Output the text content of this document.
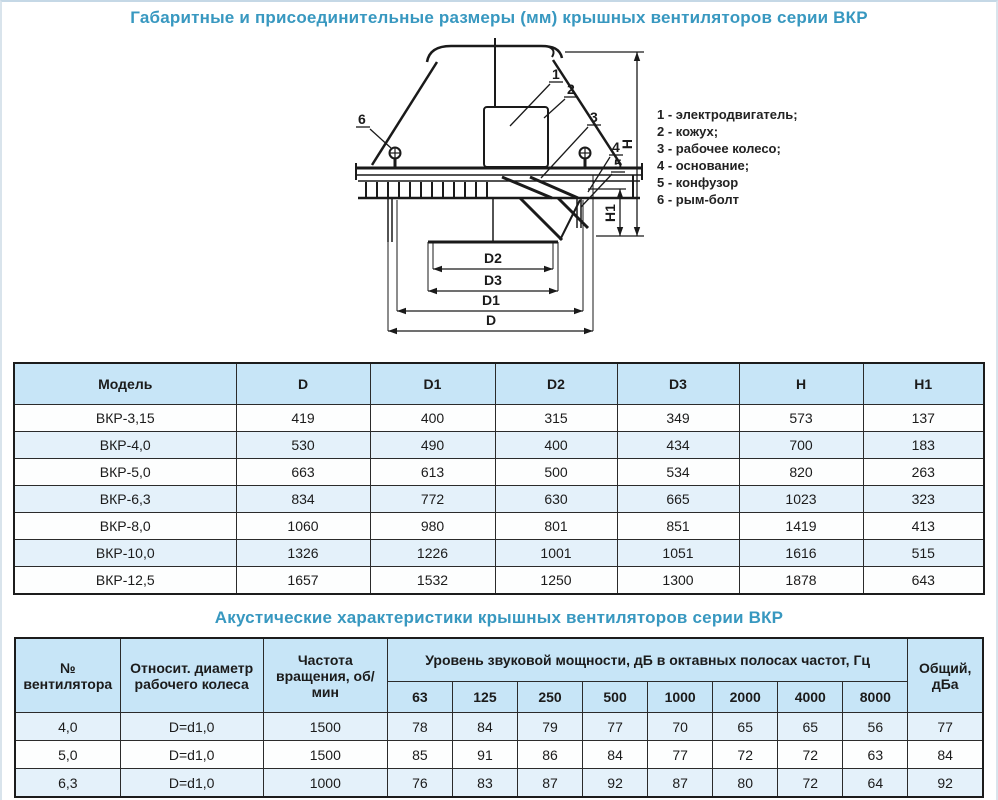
Габаритные и присоединительные размеры (мм) крышных вентиляторов серии ВКР
D2
D3
D1
D
H
H1
1
2
3
4
5
6	1 - электродвигатель;
2 - кожух;
3 - рабочее колесо;
4 - основание;
5 - конфузор
6 - рым-болт
Модель	D	D1	D2	D3	H	H1
ВКР-3,15	419	400	315	349	573	137
ВКР-4,0	530	490	400	434	700	183
ВКР-5,0	663	613	500	534	820	263
ВКР-6,3	834	772	630	665	1023	323
ВКР-8,0	1060	980	801	851	1419	413
ВКР-10,0	1326	1226	1001	1051	1616	515
ВКР-12,5	1657	1532	1250	1300	1878	643
Акустические характеристики крышных вентиляторов серии ВКР
№ вентилятора	Относит. диаметр рабочего колеса	Частота вращения, об/мин	Уровень звуковой мощности, дБ в октавных полосах частот, Гц								Общий, дБа
			63	125	250	500	1000	2000	4000	8000	
4,0	D=d1,0	1500	78	84	79	77	70	65	65	56	77
5,0	D=d1,0	1500	85	91	86	84	77	72	72	63	84
6,3	D=d1,0	1000	76	83	87	92	87	80	72	64	92
